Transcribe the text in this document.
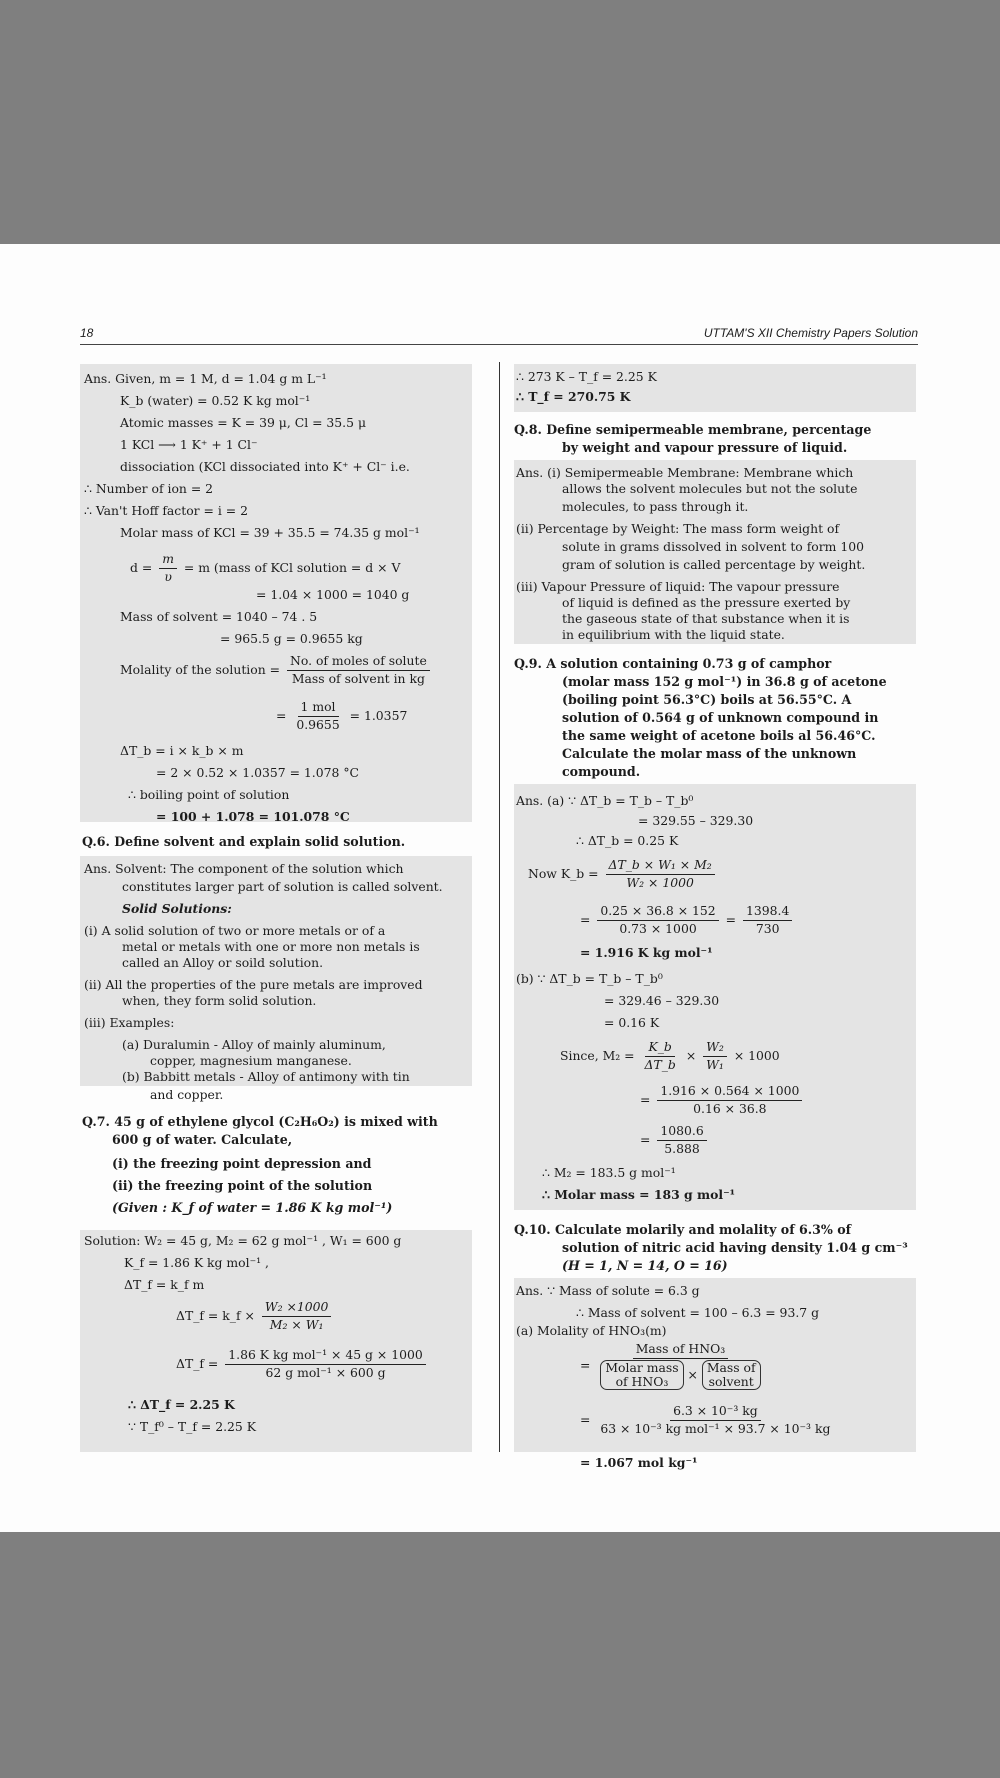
18	UTTAM'S XII Chemistry Papers Solution
Ans. Given, m = 1 M, d = 1.04 g m L⁻¹
K_b (water) = 0.52 K kg mol⁻¹
Atomic masses = K = 39 μ, Cl = 35.5 μ
1 KCl ⟶ 1 K⁺ + 1 Cl⁻
dissociation (KCl dissociated into K⁺ + Cl⁻ i.e.
∴ Number of ion = 2
∴ Van't Hoff factor = i = 2
Molar mass of KCl = 39 + 35.5 = 74.35 g mol⁻¹
$d = \frac{m}{\upsilon} = m$ (mass of KCl solution = d × V
= 1.04 × 1000 = 1040 g
Mass of solvent = 1040 – 74 . 5
= 965.5 g = 0.9655 kg
Molality of the solution = $\frac{\text{No. of moles of solute}}{\text{Mass of solvent in kg}}$
= $\frac{\text{1 mol}}{0.9655} = 1.0357$
ΔT_b = i × k_b × m
= 2 × 0.52 × 1.0357 = 1.078 °C
∴ boiling point of solution
= 100 + 1.078 = 101.078 °C
Q.6. Define solvent and explain solid solution.
Ans. Solvent: The component of the solution which
constitutes larger part of solution is called solvent.
Solid Solutions:
(i) A solid solution of two or more metals or of a
metal or metals with one or more non metals is
called an Alloy or soild solution.
(ii) All the properties of the pure metals are improved
when, they form solid solution.
(iii) Examples:
(a) Duralumin - Alloy of mainly aluminum,
copper, magnesium manganese.
(b) Babbitt metals - Alloy of antimony with tin
and copper.
Q.7. 45 g of ethylene glycol (C₂H₆O₂) is mixed with
600 g of water. Calculate,
(i) the freezing point depression and
(ii) the freezing point of the solution
(Given : K_f of water = 1.86 K kg mol⁻¹)
Solution: W₂ = 45 g, M₂ = 62 g mol⁻¹ , W₁ = 600 g
K_f = 1.86 K kg mol⁻¹ ,
ΔT_f = k_f m
ΔT_f = k_f × $\frac{\text{W₂ ×1000}}{\text{M₂ × W₁}}$
ΔT_f = $\frac{\text{1.86 K kg mol⁻¹ × 45 g × 1000}}{\text{62 g mol⁻¹ × 600 g}}$
∴ ΔT_f = 2.25 K
∵ T_f⁰ – T_f = 2.25 K
∴ 273 K – T_f = 2.25 K
∴ T_f = 270.75 K
Q.8. Define semipermeable membrane, percentage
by weight and vapour pressure of liquid.
Ans. (i) Semipermeable Membrane: Membrane which
allows the solvent molecules but not the solute
molecules, to pass through it.
(ii) Percentage by Weight: The mass form weight of
solute in grams dissolved in solvent to form 100
gram of solution is called percentage by weight.
(iii) Vapour Pressure of liquid: The vapour pressure
of liquid is defined as the pressure exerted by
the gaseous state of that substance when it is
in equilibrium with the liquid state.
Q.9. A solution containing 0.73 g of camphor
(molar mass 152 g mol⁻¹) in 36.8 g of acetone
(boiling point 56.3°C) boils at 56.55°C. A
solution of 0.564 g of unknown compound in
the same weight of acetone boils al 56.46°C.
Calculate the molar mass of the unknown
compound.
Ans. (a) ∵ ΔT_b = T_b – T_b⁰
= 329.55 – 329.30
∴ ΔT_b = 0.25 K
Now K_b = $\frac{\text{ΔT\_b × W₁ × M₂}}{\text{W₂ × 1000}}$
= $\frac{0.25 \times 36.8 \times 152}{0.73 \times 1000} = \frac{1398.4}{730}$
= 1.916 K kg mol⁻¹
(b) ∵ ΔT_b = T_b – T_b⁰
= 329.46 – 329.30
= 0.16 K
Since, $M_2 = \frac{K\_b}{\Delta T\_b} \times \frac{\text{W₂}}{\text{W₁}} \times 1000$
= $\frac{1.916 \times 0.564 \times 1000}{0.16 \times 36.8}$
= $\frac{1080.6}{5.888}$
∴ M₂ = 183.5 g mol⁻¹
∴ Molar mass = 183 g mol⁻¹
Q.10. Calculate molarily and molality of 6.3% of
solution of nitric acid having density 1.04 g cm⁻³
(H = 1, N = 14, O = 16)
Ans. ∵ Mass of solute = 6.3 g
∴ Mass of solvent = 100 – 6.3 = 93.7 g
(a) Molality of HNO₃(m)
=
Mass of HNO₃
Molar mass
of HNO₃ × Mass of
solvent
= $\frac{\text{6.3 × 10⁻³ kg}}{\text{63 × 10⁻³ kg mol⁻¹ × 93.7 × 10⁻³ kg}}$
= 1.067 mol kg⁻¹
